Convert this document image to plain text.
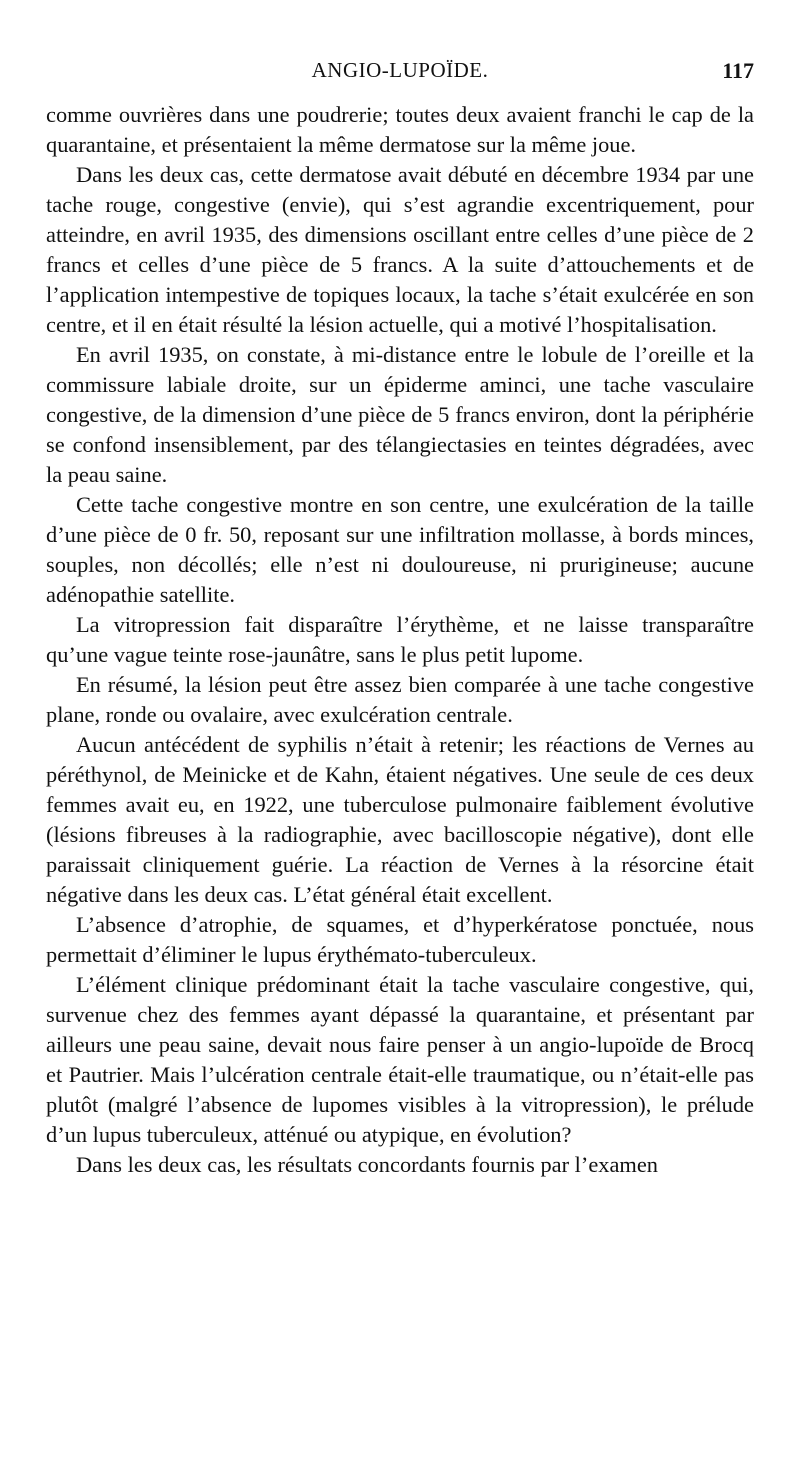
ANGIO-LUPOÏDE.	117

comme ouvrières dans une poudrerie; toutes deux avaient franchi le cap de la quarantaine, et présentaient la même dermatose sur la même joue.

Dans les deux cas, cette dermatose avait débuté en décembre 1934 par une tache rouge, congestive (envie), qui s’est agrandie excentriquement, pour atteindre, en avril 1935, des dimensions oscillant entre celles d’une pièce de 2 francs et celles d’une pièce de 5 francs. A la suite d’attouchements et de l’application intempestive de topiques locaux, la tache s’était exulcérée en son centre, et il en était résulté la lésion actuelle, qui a motivé l’hospitalisation.

En avril 1935, on constate, à mi-distance entre le lobule de l’oreille et la commissure labiale droite, sur un épiderme aminci, une tache vasculaire congestive, de la dimension d’une pièce de 5 francs environ, dont la périphérie se confond insensiblement, par des télangiectasies en teintes dégradées, avec la peau saine.

Cette tache congestive montre en son centre, une exulcération de la taille d’une pièce de 0 fr. 50, reposant sur une infiltration mollasse, à bords minces, souples, non décollés; elle n’est ni douloureuse, ni prurigineuse; aucune adénopathie satellite.

La vitropression fait disparaître l’érythème, et ne laisse transparaître qu’une vague teinte rose-jaunâtre, sans le plus petit lupome.

En résumé, la lésion peut être assez bien comparée à une tache congestive plane, ronde ou ovalaire, avec exulcération centrale.

Aucun antécédent de syphilis n’était à retenir; les réactions de Vernes au péréthynol, de Meinicke et de Kahn, étaient négatives. Une seule de ces deux femmes avait eu, en 1922, une tuberculose pulmonaire faiblement évolutive (lésions fibreuses à la radiographie, avec bacilloscopie négative), dont elle paraissait cliniquement guérie. La réaction de Vernes à la résorcine était négative dans les deux cas. L’état général était excellent.

L’absence d’atrophie, de squames, et d’hyperkératose ponctuée, nous permettait d’éliminer le lupus érythémato-tuberculeux.

L’élément clinique prédominant était la tache vasculaire congestive, qui, survenue chez des femmes ayant dépassé la quarantaine, et présentant par ailleurs une peau saine, devait nous faire penser à un angio-lupoïde de Brocq et Pautrier. Mais l’ulcération centrale était-elle traumatique, ou n’était-elle pas plutôt (malgré l’absence de lupomes visibles à la vitropression), le prélude d’un lupus tuberculeux, atténué ou atypique, en évolution?

Dans les deux cas, les résultats concordants fournis par l’examen
